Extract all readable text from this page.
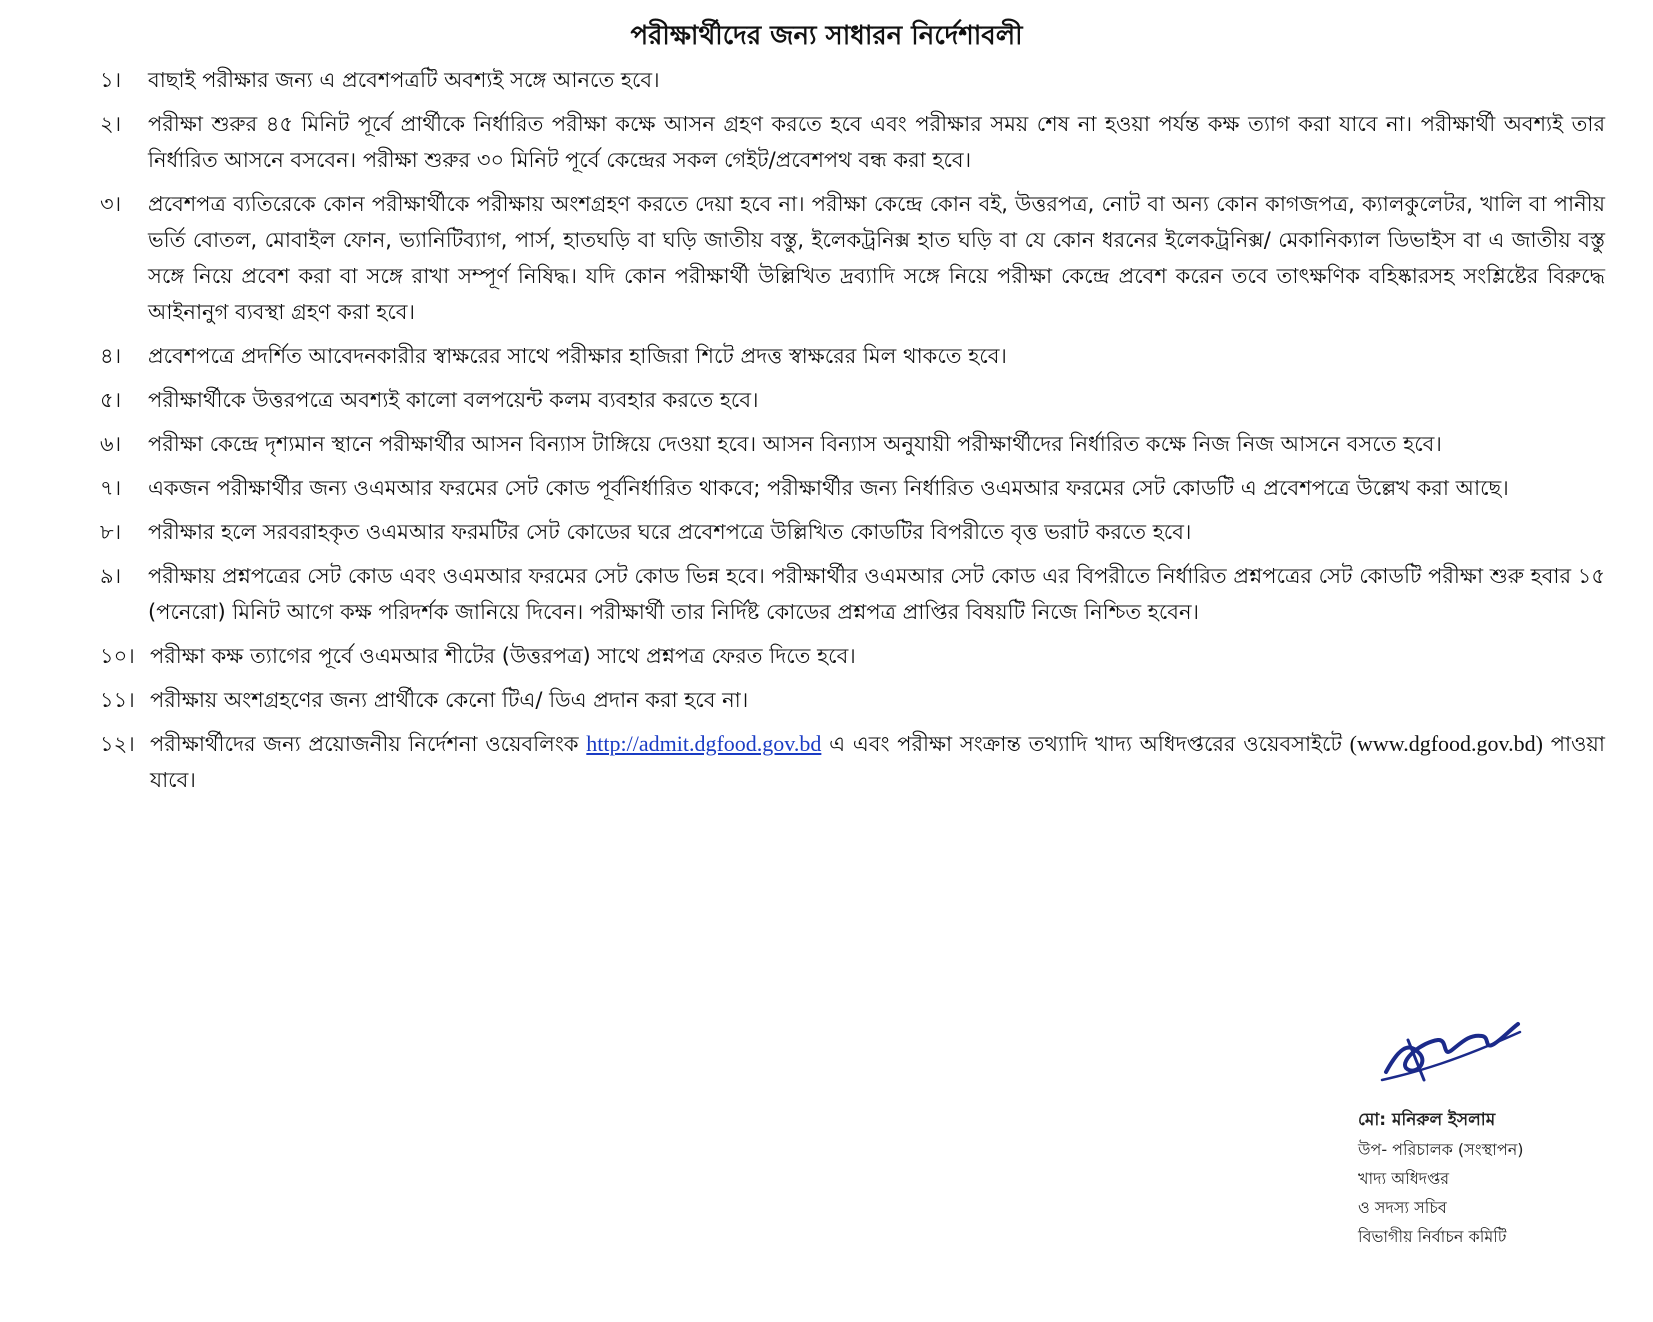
পরীক্ষার্থীদের জন্য সাধারন নির্দেশাবলী
১।	বাছাই পরীক্ষার জন্য এ প্রবেশপত্রটি অবশ্যই সঙ্গে আনতে হবে।
২।	পরীক্ষা শুরুর ৪৫ মিনিট পূর্বে প্রার্থীকে নির্ধারিত পরীক্ষা কক্ষে আসন গ্রহণ করতে হবে এবং পরীক্ষার সময় শেষ না হওয়া পর্যন্ত কক্ষ ত্যাগ করা যাবে না। পরীক্ষার্থী অবশ্যই তার নির্ধারিত আসনে বসবেন। পরীক্ষা শুরুর ৩০ মিনিট পূর্বে কেন্দ্রের সকল গেইট/প্রবেশপথ বন্ধ করা হবে।
৩।	প্রবেশপত্র ব্যতিরেকে কোন পরীক্ষার্থীকে পরীক্ষায় অংশগ্রহণ করতে দেয়া হবে না। পরীক্ষা কেন্দ্রে কোন বই, উত্তরপত্র, নোট বা অন্য কোন কাগজপত্র, ক্যালকুলেটর, খালি বা পানীয় ভর্তি বোতল, মোবাইল ফোন, ভ্যানিটিব্যাগ, পার্স, হাতঘড়ি বা ঘড়ি জাতীয় বস্তু, ইলেকট্রনিক্স হাত ঘড়ি বা যে কোন ধরনের ইলেকট্রনিক্স/ মেকানিক্যাল ডিভাইস বা এ জাতীয় বস্তু সঙ্গে নিয়ে প্রবেশ করা বা সঙ্গে রাখা সম্পূর্ণ নিষিদ্ধ। যদি কোন পরীক্ষার্থী উল্লিখিত দ্রব্যাদি সঙ্গে নিয়ে পরীক্ষা কেন্দ্রে প্রবেশ করেন তবে তাৎক্ষণিক বহিষ্কারসহ সংশ্লিষ্টের বিরুদ্ধে আইনানুগ ব্যবস্থা গ্রহণ করা হবে।
৪।	প্রবেশপত্রে প্রদর্শিত আবেদনকারীর স্বাক্ষরের সাথে পরীক্ষার হাজিরা শিটে প্রদত্ত স্বাক্ষরের মিল থাকতে হবে।
৫।	পরীক্ষার্থীকে উত্তরপত্রে অবশ্যই কালো বলপয়েন্ট কলম ব্যবহার করতে হবে।
৬।	পরীক্ষা কেন্দ্রে দৃশ্যমান স্থানে পরীক্ষার্থীর আসন বিন্যাস টাঙ্গিয়ে দেওয়া হবে। আসন বিন্যাস অনুযায়ী পরীক্ষার্থীদের নির্ধারিত কক্ষে নিজ নিজ আসনে বসতে হবে।
৭।	একজন পরীক্ষার্থীর জন্য ওএমআর ফরমের সেট কোড পূর্বনির্ধারিত থাকবে; পরীক্ষার্থীর জন্য নির্ধারিত ওএমআর ফরমের সেট কোডটি এ প্রবেশপত্রে উল্লেখ করা আছে।
৮।	পরীক্ষার হলে সরবরাহকৃত ওএমআর ফরমটির সেট কোডের ঘরে প্রবেশপত্রে উল্লিখিত কোডটির বিপরীতে বৃত্ত ভরাট করতে হবে।
৯।	পরীক্ষায় প্রশ্নপত্রের সেট কোড এবং ওএমআর ফরমের সেট কোড ভিন্ন হবে। পরীক্ষার্থীর ওএমআর সেট কোড এর বিপরীতে নির্ধারিত প্রশ্নপত্রের সেট কোডটি পরীক্ষা শুরু হবার ১৫ (পনেরো) মিনিট আগে কক্ষ পরিদর্শক জানিয়ে দিবেন। পরীক্ষার্থী তার নির্দিষ্ট কোডের প্রশ্নপত্র প্রাপ্তির বিষয়টি নিজে নিশ্চিত হবেন।
১০। পরীক্ষা কক্ষ ত্যাগের পূর্বে ওএমআর শীটের (উত্তরপত্র) সাথে প্রশ্নপত্র ফেরত দিতে হবে।
১১। পরীক্ষায় অংশগ্রহণের জন্য প্রার্থীকে কেনো টিএ/ ডিএ প্রদান করা হবে না।
১২। পরীক্ষার্থীদের জন্য প্রয়োজনীয় নির্দেশনা ওয়েবলিংক http://admit.dgfood.gov.bd এ এবং পরীক্ষা সংক্রান্ত তথ্যাদি খাদ্য অধিদপ্তরের ওয়েবসাইটে (www.dgfood.gov.bd) পাওয়া যাবে।
মো: মনিরুল ইসলাম
উপ- পরিচালক (সংস্থাপন)
খাদ্য অধিদপ্তর
ও সদস্য সচিব
বিভাগীয় নির্বাচন কমিটি
